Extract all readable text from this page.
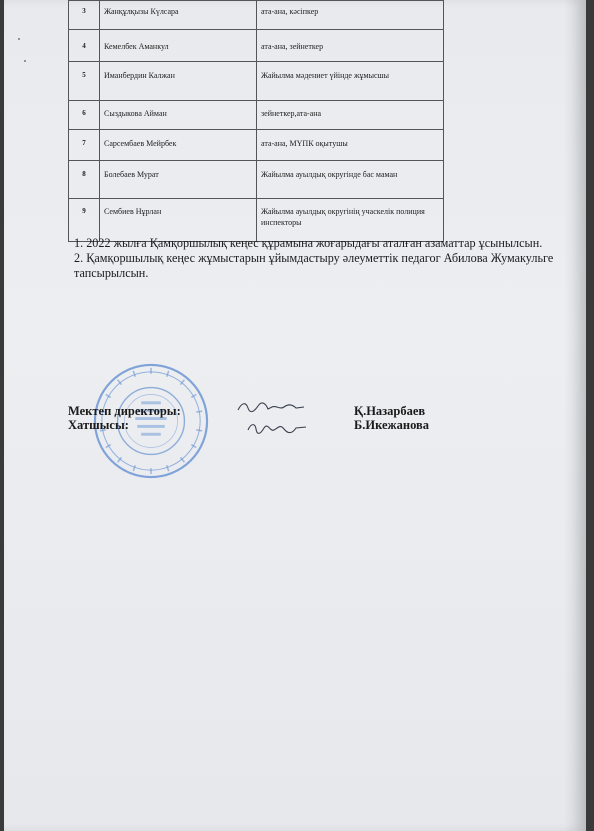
3	Жанқұлқызы Күлсара	ата-ана, кәсіпкер
4	Кемелбек Аманкул	ата-ана, зейнеткер
5	Иманбердин Калжан	Жайылма мәдениет үйінде жұмысшы
6	Сыздыкова Айман	зейнеткер,ата-ана
7	Сарсембаев Мейрбек	ата-ана, МҮПК оқытушы
8	Болебаев Мурат	Жайылма ауылдық округінде бас маман
9	Сембиев Нұрлан	Жайылма ауылдық округінің учаскелік полиция инспекторы

1. 2022 жылға Қамқоршылық кеңес құрамына жоғарыдағы аталған азаматтар ұсынылсын.

2. Қамқоршылық кеңес жұмыстарын ұйымдастыру әлеуметтік педагог Абилова Жумакульге тапсырылсын.

Мектеп директоры:	Қ.Назарбаев
Хатшысы:	Б.Икежанова
